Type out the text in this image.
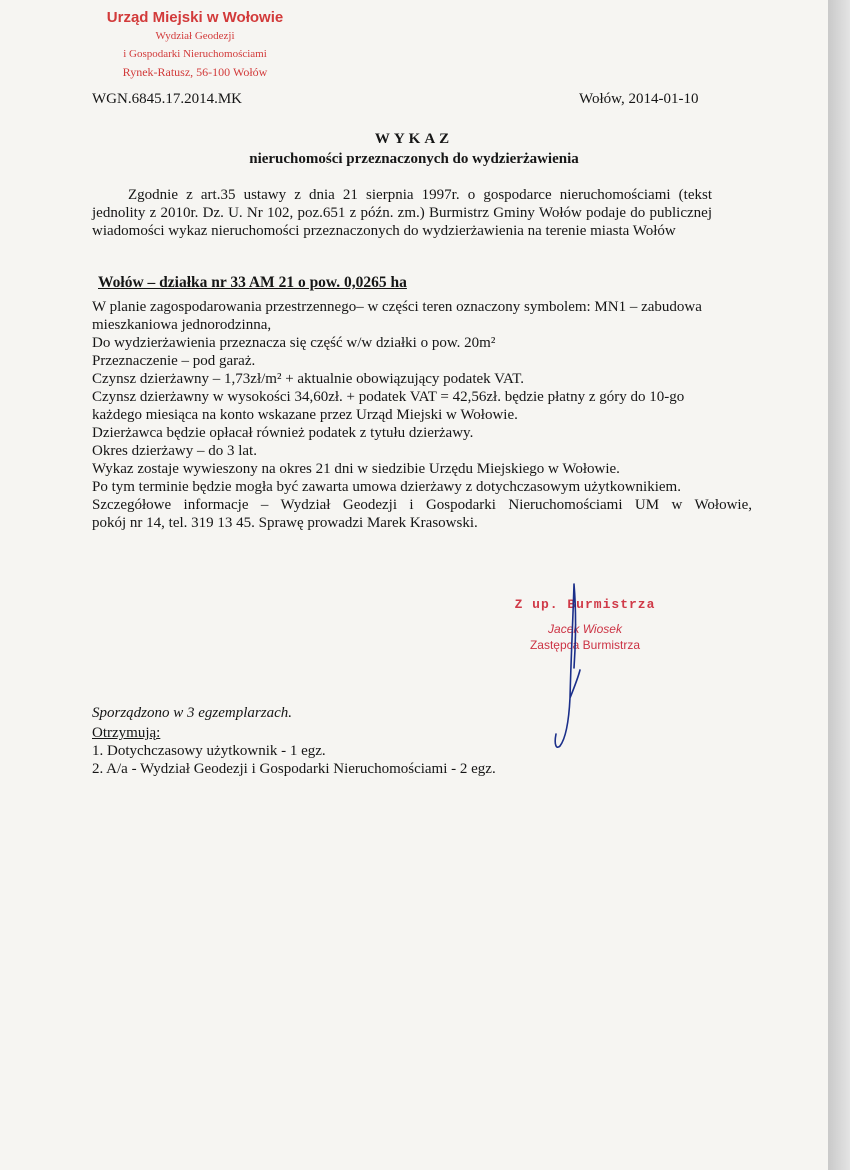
Urząd Miejski w Wołowie
Wydział Geodezji
i Gospodarki Nieruchomościami
Rynek-Ratusz, 56-100 Wołów
WGN.6845.17.2014.MK	Wołów, 2014-01-10
WYKAZ
nieruchomości przeznaczonych do wydzierżawienia
Zgodnie z art.35 ustawy z dnia 21 sierpnia 1997r. o gospodarce nieruchomościami (tekst jednolity z 2010r. Dz. U. Nr 102, poz.651 z późn. zm.) Burmistrz Gminy Wołów podaje do publicznej wiadomości wykaz nieruchomości przeznaczonych do wydzierżawienia na terenie miasta Wołów
Wołów – działka nr 33 AM 21 o pow. 0,0265 ha
W planie zagospodarowania przestrzennego– w części teren oznaczony symbolem: MN1 – zabudowa
mieszkaniowa jednorodzinna,
Do wydzierżawienia przeznacza się część w/w działki o pow. 20m²
Przeznaczenie – pod garaż.
Czynsz dzierżawny – 1,73zł/m² + aktualnie obowiązujący podatek VAT.
Czynsz dzierżawny w wysokości 34,60zł. + podatek VAT = 42,56zł. będzie płatny z góry do 10-go
każdego miesiąca na konto wskazane przez Urząd Miejski w Wołowie.
Dzierżawca będzie opłacał również podatek z tytułu dzierżawy.
Okres dzierżawy – do 3 lat.
Wykaz zostaje wywieszony na okres 21 dni w siedzibie Urzędu Miejskiego w Wołowie.
Po tym terminie będzie mogła być zawarta umowa dzierżawy z dotychczasowym użytkownikiem.
Szczegółowe informacje – Wydział Geodezji i Gospodarki Nieruchomościami UM w Wołowie,
pokój nr 14, tel. 319 13 45. Sprawę prowadzi Marek Krasowski.
Z up. Burmistrza
Jacek Wiosek
Zastępca Burmistrza
Sporządzono w 3 egzemplarzach.
Otrzymują:
1. Dotychczasowy użytkownik - 1 egz.
2. A/a - Wydział Geodezji i Gospodarki Nieruchomościami - 2 egz.
